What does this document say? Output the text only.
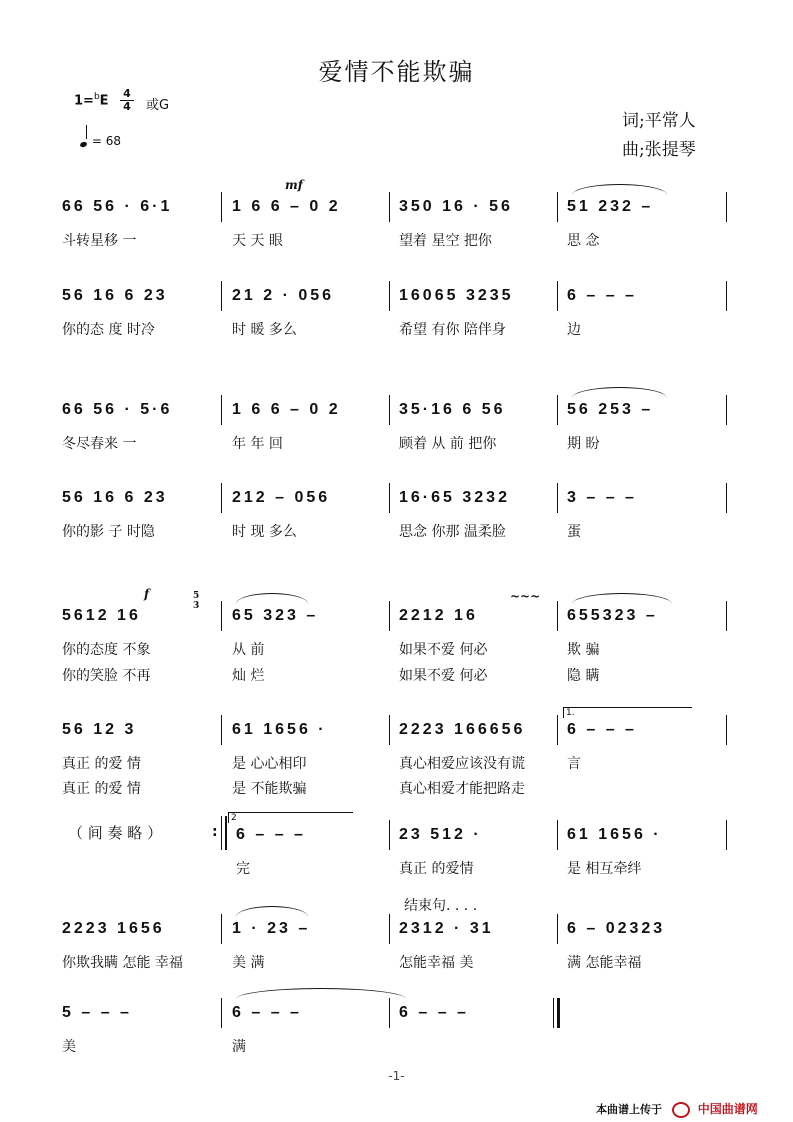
爱情不能欺骗
1=$^b$E 4
4 或G
= 68
词;平常人
曲;张提琴
66 56 · 6·1
斗转星移 一
1 6 6 – 0 2
天 天 眼
mf
350 16 · 56
望着 星空 把你
51 232 –
思 念
56 16 6 23
你的态 度 时冷
21 2 · 056
时 暖 多么
16065 3235
希望 有你 陪伴身
6 – – –
边
66 56 · 5·6
冬尽春来 一
1 6 6 – 0 2
年 年 回
35·16 6 56
顾着 从 前 把你
56 253 –
期 盼
56 16 6 23
你的影 子 时隐
212 – 056
时 现 多么
16·65 3232
思念 你那 温柔脸
3 – – –
蛋
5612 16
你的态度 不象
你的笑脸 不再
f	5
3
65 323 –
从 前
灿 烂
2212 16
如果不爱 何必
如果不爱 何必
~~~
655323 –
欺 骗
隐 瞒
56 12 3
真正 的爱 情
真正 的爱 情
61 1656 ·
是 心心相印
是 不能欺骗
2223 166656
真心相爱应该没有谎
真心相爱才能把路走
1.
6 – – –
言
（ 间 奏 略 ）	:
2
6 – – –
完
23 512 ·
真正 的爱情
61 1656 ·
是 相互牵绊
结束句. . . .
2223 1656
你欺我瞒 怎能 幸福
1 · 23 –
美 满
2312 · 31
怎能幸福 美
6 – 02323
满 怎能幸福
5 – – –
美
6 – – –
满
6 – – –
-1-
本曲谱上传于	中国曲谱网
